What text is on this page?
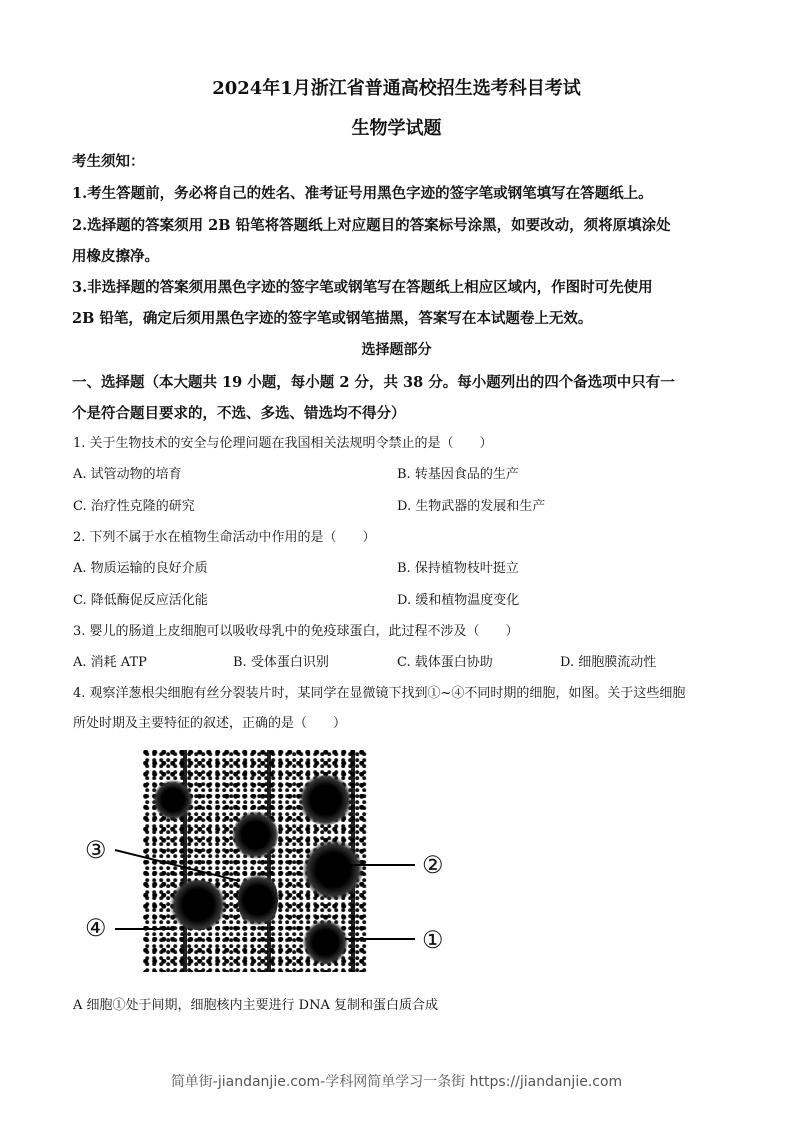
2024年1月浙江省普通高校招生选考科目考试
生物学试题
考生须知：
1.考生答题前，务必将自己的姓名、准考证号用黑色字迹的签字笔或钢笔填写在答题纸上。
2.选择题的答案须用 2B 铅笔将答题纸上对应题目的答案标号涂黑，如要改动，须将原填涂处
用橡皮擦净。
3.非选择题的答案须用黑色字迹的签字笔或钢笔写在答题纸上相应区域内，作图时可先使用
2B 铅笔，确定后须用黑色字迹的签字笔或钢笔描黑，答案写在本试题卷上无效。
选择题部分
一、选择题（本大题共 19 小题，每小题 2 分，共 38 分。每小题列出的四个备选项中只有一
个是符合题目要求的，不选、多选、错选均不得分）
1. 关于生物技术的安全与伦理问题在我国相关法规明令禁止的是（　　）
A. 试管动物的培育	B. 转基因食品的生产
C. 治疗性克隆的研究	D. 生物武器的发展和生产
2. 下列不属于水在植物生命活动中作用的是（　　）
A. 物质运输的良好介质	B. 保持植物枝叶挺立
C. 降低酶促反应活化能	D. 缓和植物温度变化
3. 婴儿的肠道上皮细胞可以吸收母乳中的免疫球蛋白，此过程不涉及（　　）
A. 消耗 ATP	B. 受体蛋白识别	C. 载体蛋白协助	D. 细胞膜流动性
4. 观察洋葱根尖细胞有丝分裂装片时，某同学在显微镜下找到①~④不同时期的细胞，如图。关于这些细胞
所处时期及主要特征的叙述，正确的是（　　）
③
②
④	①
A 细胞①处于间期，细胞核内主要进行 DNA 复制和蛋白质合成
简单街-jiandanjie.com-学科网简单学习一条街 https://jiandanjie.com
